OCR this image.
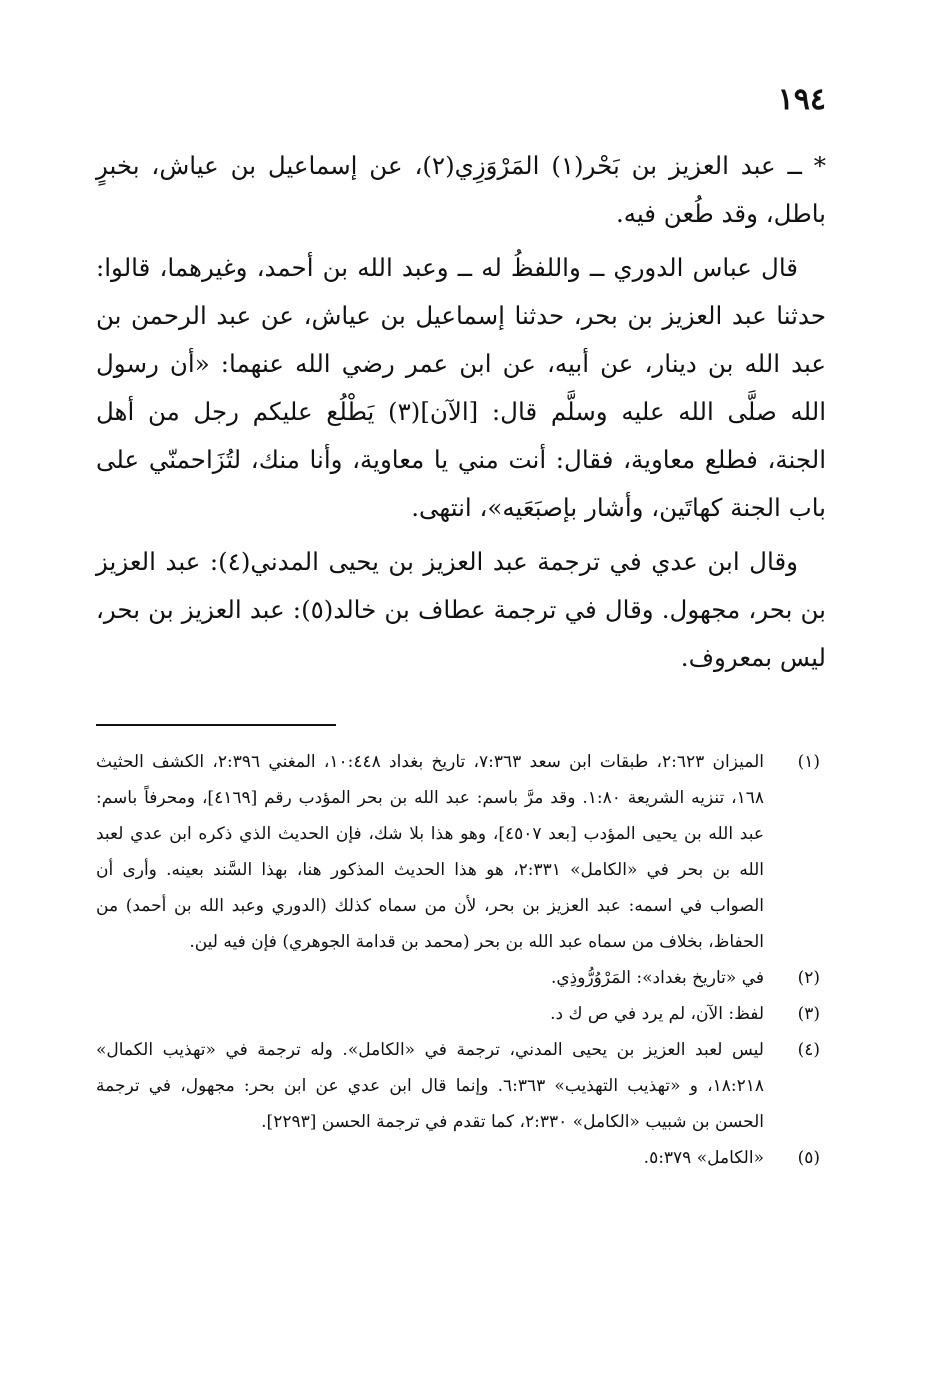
١٩٤

* ــ عبد العزيز بن بَحْر(١) المَرْوَزِي(٢)، عن إسماعيل بن عياش، بخبرٍ باطل، وقد طُعن فيه.

قال عباس الدوري ــ واللفظُ له ــ وعبد الله بن أحمد، وغيرهما، قالوا: حدثنا عبد العزيز بن بحر، حدثنا إسماعيل بن عياش، عن عبد الرحمن بن عبد الله بن دينار، عن أبيه، عن ابن عمر رضي الله عنهما: «أن رسول الله صلَّى الله عليه وسلَّم قال: [الآن](٣) يَطْلُع عليكم رجل من أهل الجنة، فطلع معاوية، فقال: أنت مني يا معاوية، وأنا منك، لتُزَاحمنّي على باب الجنة كهاتَين، وأشار بإصبَعَيه»، انتهى.

وقال ابن عدي في ترجمة عبد العزيز بن يحيى المدني(٤): عبد العزيز بن بحر، مجهول. وقال في ترجمة عطاف بن خالد(٥): عبد العزيز بن بحر، ليس بمعروف.

(١)
الميزان ٢:٦٢٣، طبقات ابن سعد ٧:٣٦٣، تاريخ بغداد ١٠:٤٤٨، المغني ٢:٣٩٦، الكشف الحثيث ١٦٨، تنزيه الشريعة ١:٨٠. وقد مرَّ باسم: عبد الله بن بحر المؤدب رقم [٤١٦٩]، ومحرفاً باسم: عبد الله بن يحيى المؤدب [بعد ٤٥٠٧]، وهو هذا بلا شك، فإن الحديث الذي ذكره ابن عدي لعبد الله بن بحر في «الكامل» ٢:٣٣١، هو هذا الحديث المذكور هنا، بهذا السَّند بعينه. وأرى أن الصواب في اسمه: عبد العزيز بن بحر، لأن من سماه كذلك (الدوري وعبد الله بن أحمد) من الحفاظ، بخلاف من سماه عبد الله بن بحر (محمد بن قدامة الجوهري) فإن فيه لين.
(٢)
في «تاريخ بغداد»: المَرْوُرُّوذِي.
(٣)
لفظ: الآن، لم يرد في ص ك د.
(٤)
ليس لعبد العزيز بن يحيى المدني، ترجمة في «الكامل». وله ترجمة في «تهذيب الكمال» ١٨:٢١٨، و «تهذيب التهذيب» ٦:٣٦٣. وإنما قال ابن عدي عن ابن بحر: مجهول، في ترجمة الحسن بن شبيب «الكامل» ٢:٣٣٠، كما تقدم في ترجمة الحسن [٢٢٩٣].
(٥)
«الكامل» ٥:٣٧٩.
